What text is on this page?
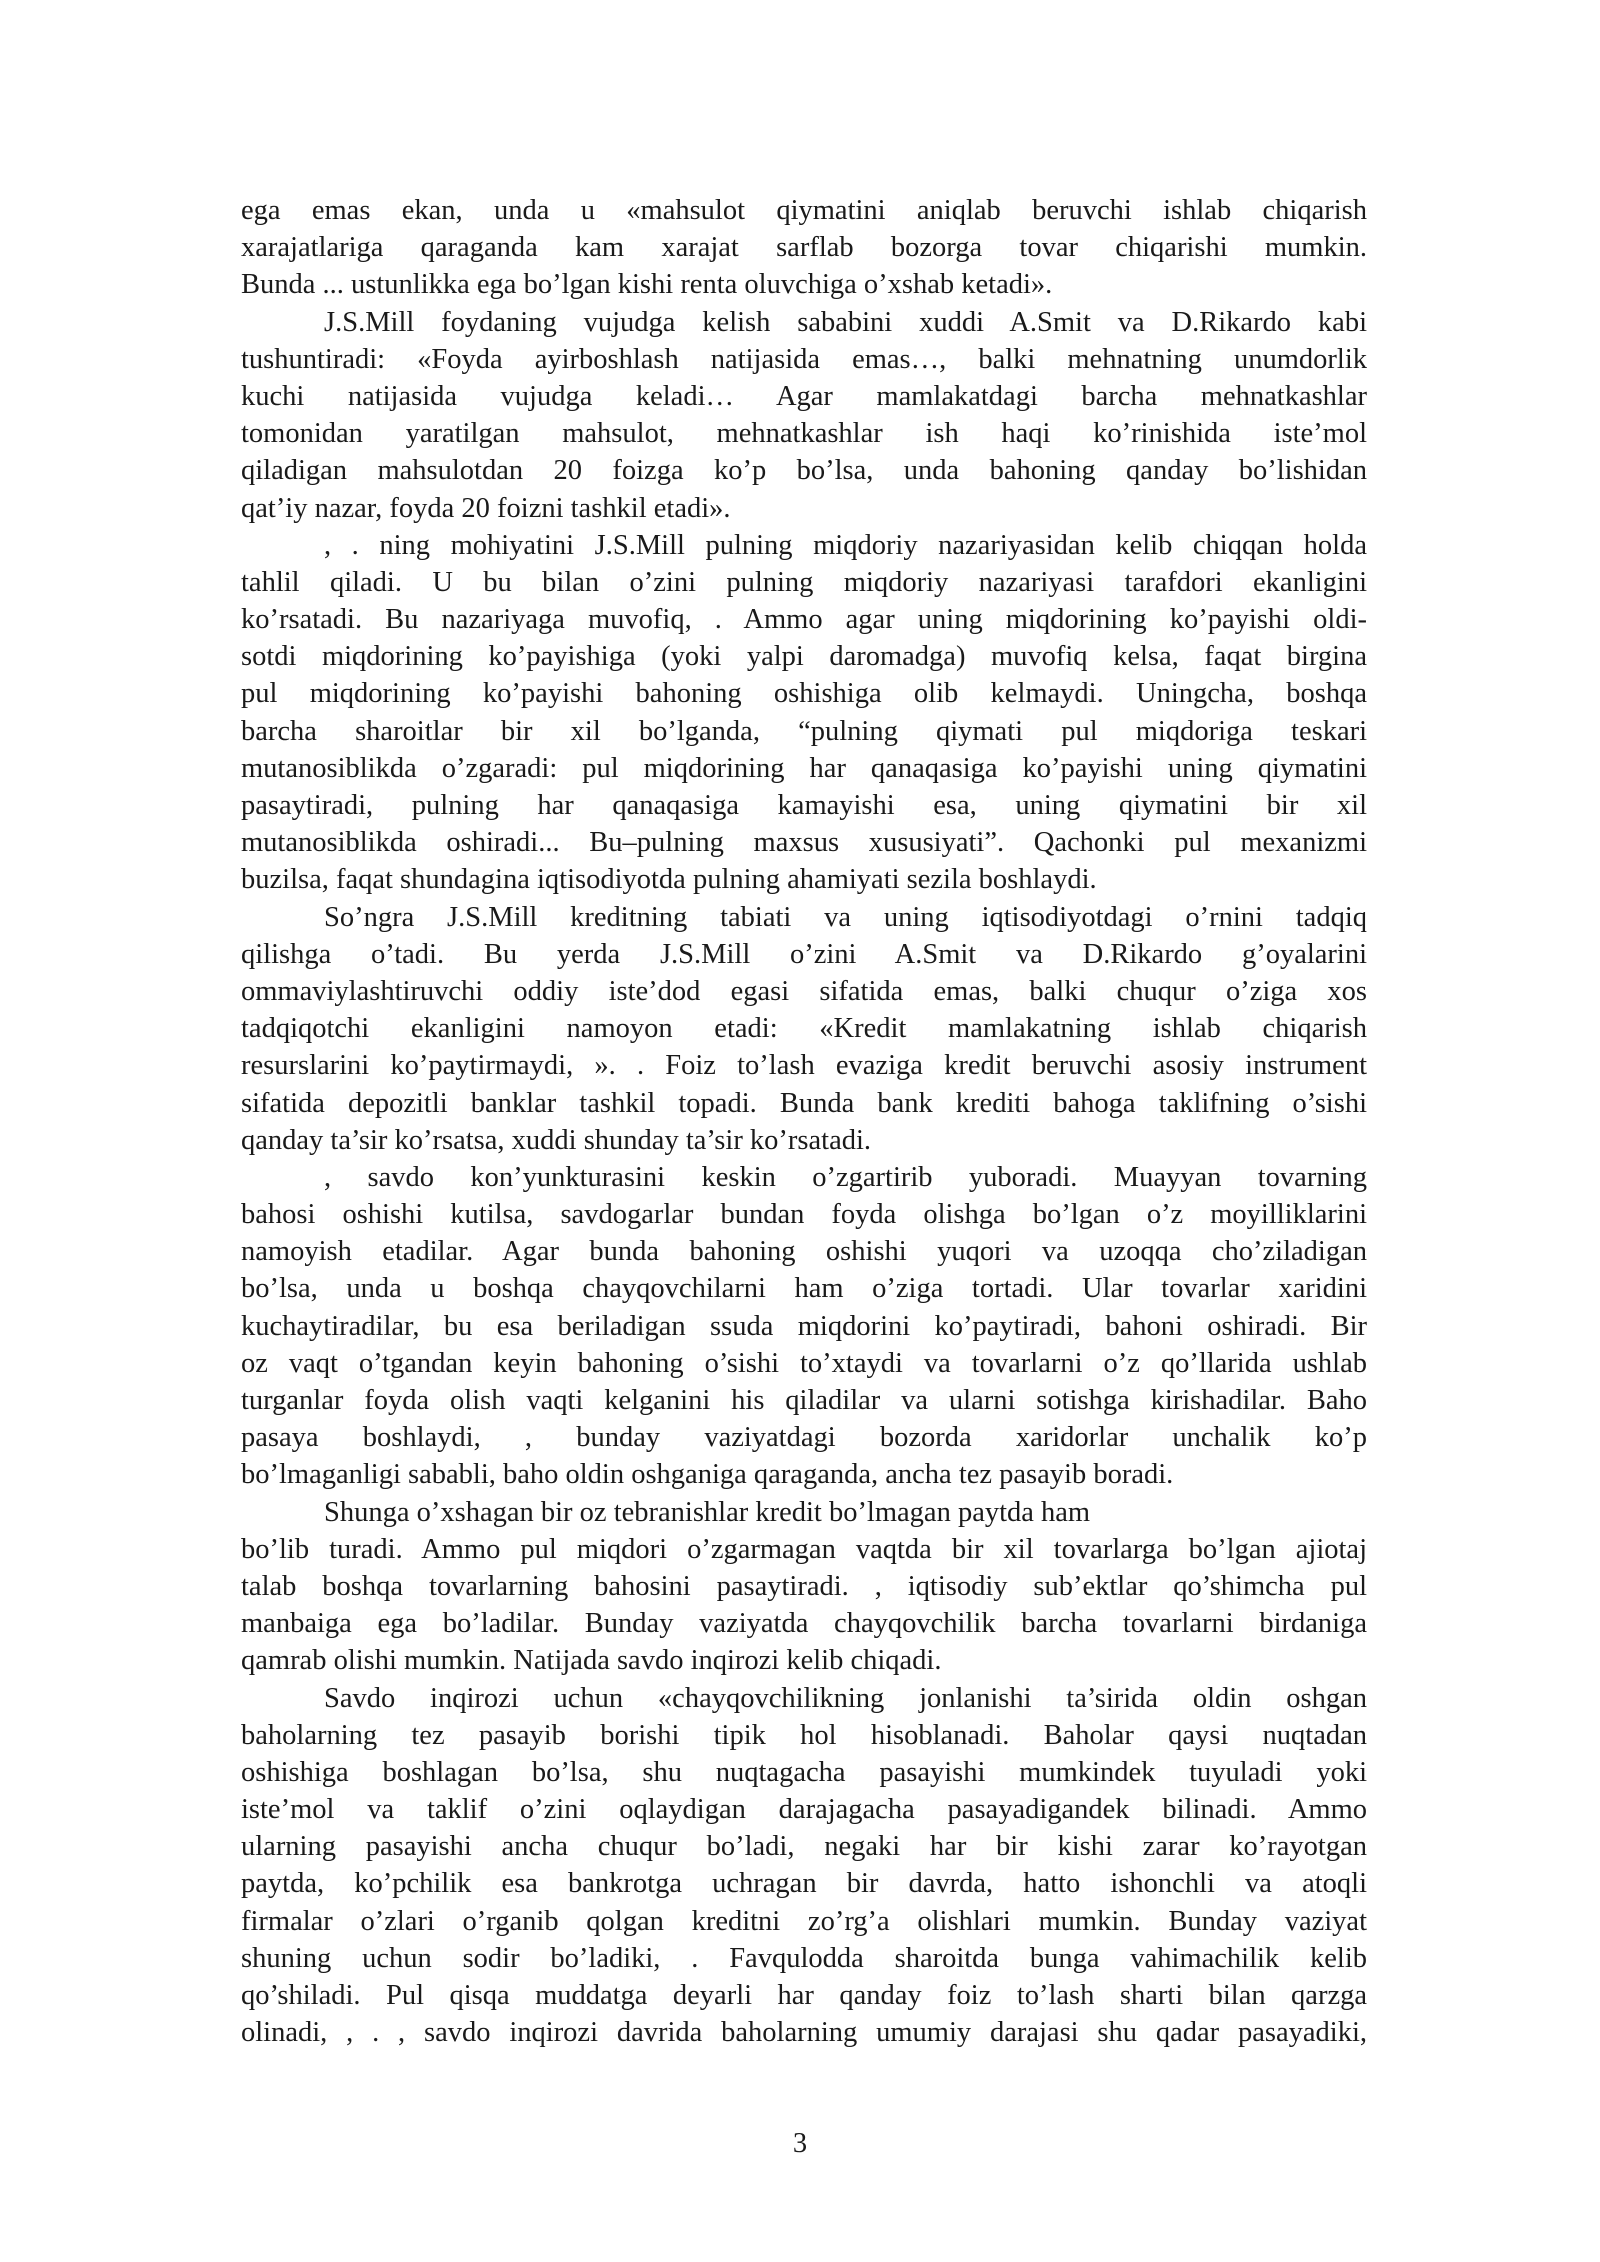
ega emas ekan, unda u «mahsulot qiymatini aniqlab beruvchi ishlab chiqarish
xarajatlariga qaraganda kam xarajat sarflab bozorga tovar chiqarishi mumkin.
Bunda ... ustunlikka ega bo’lgan kishi renta oluvchiga o’xshab ketadi».
J.S.Mill foydaning vujudga kelish sababini xuddi A.Smit va D.Rikardo kabi
tushuntiradi: «Foyda ayirboshlash natijasida emas…, balki mehnatning unumdorlik
kuchi natijasida vujudga keladi… Agar mamlakatdagi barcha mehnatkashlar
tomonidan yaratilgan mahsulot, mehnatkashlar ish haqi ko’rinishida iste’mol
qiladigan mahsulotdan 20 foizga ko’p bo’lsa, unda bahoning qanday bo’lishidan
qat’iy nazar, foyda 20 foizni tashkil etadi».
, . ning mohiyatini J.S.Mill pulning miqdoriy nazariyasidan kelib chiqqan holda
tahlil qiladi. U bu bilan o’zini pulning miqdoriy nazariyasi tarafdori ekanligini
ko’rsatadi. Bu nazariyaga muvofiq, . Ammo agar uning miqdorining ko’payishi oldi-
sotdi miqdorining ko’payishiga (yoki yalpi daromadga) muvofiq kelsa, faqat birgina
pul miqdorining ko’payishi bahoning oshishiga olib kelmaydi. Uningcha, boshqa
barcha sharoitlar bir xil bo’lganda, “pulning qiymati pul miqdoriga teskari
mutanosiblikda o’zgaradi: pul miqdorining har qanaqasiga ko’payishi uning qiymatini
pasaytiradi, pulning har qanaqasiga kamayishi esa, uning qiymatini bir xil
mutanosiblikda oshiradi... Bu–pulning maxsus xususiyati”. Qachonki pul mexanizmi
buzilsa, faqat shundagina iqtisodiyotda pulning ahamiyati sezila boshlaydi.
So’ngra J.S.Mill kreditning tabiati va uning iqtisodiyotdagi o’rnini tadqiq
qilishga o’tadi. Bu yerda J.S.Mill o’zini A.Smit va D.Rikardo g’oyalarini
ommaviylashtiruvchi oddiy iste’dod egasi sifatida emas, balki chuqur o’ziga xos
tadqiqotchi ekanligini namoyon etadi: «Kredit mamlakatning ishlab chiqarish
resurslarini ko’paytirmaydi, ». . Foiz to’lash evaziga kredit beruvchi asosiy instrument
sifatida depozitli banklar tashkil topadi. Bunda bank krediti bahoga taklifning o’sishi
qanday ta’sir ko’rsatsa, xuddi shunday ta’sir ko’rsatadi.
, savdo kon’yunkturasini keskin o’zgartirib yuboradi. Muayyan tovarning
bahosi oshishi kutilsa, savdogarlar bundan foyda olishga bo’lgan o’z moyilliklarini
namoyish etadilar. Agar bunda bahoning oshishi yuqori va uzoqqa cho’ziladigan
bo’lsa, unda u boshqa chayqovchilarni ham o’ziga tortadi. Ular tovarlar xaridini
kuchaytiradilar, bu esa beriladigan ssuda miqdorini ko’paytiradi, bahoni oshiradi. Bir
oz vaqt o’tgandan keyin bahoning o’sishi to’xtaydi va tovarlarni o’z qo’llarida ushlab
turganlar foyda olish vaqti kelganini his qiladilar va ularni sotishga kirishadilar. Baho
pasaya boshlaydi, , bunday vaziyatdagi bozorda xaridorlar unchalik ko’p
bo’lmaganligi sababli, baho oldin oshganiga qaraganda, ancha tez pasayib boradi.
Shunga o’xshagan bir oz tebranishlar kredit bo’lmagan paytda ham
bo’lib turadi. Ammo pul miqdori o’zgarmagan vaqtda bir xil tovarlarga bo’lgan ajiotaj
talab boshqa tovarlarning bahosini pasaytiradi. , iqtisodiy sub’ektlar qo’shimcha pul
manbaiga ega bo’ladilar. Bunday vaziyatda chayqovchilik barcha tovarlarni birdaniga
qamrab olishi mumkin. Natijada savdo inqirozi kelib chiqadi.
Savdo inqirozi uchun «chayqovchilikning jonlanishi ta’sirida oldin oshgan
baholarning tez pasayib borishi tipik hol hisoblanadi. Baholar qaysi nuqtadan
oshishiga boshlagan bo’lsa, shu nuqtagacha pasayishi mumkindek tuyuladi yoki
iste’mol va taklif o’zini oqlaydigan darajagacha pasayadigandek bilinadi. Ammo
ularning pasayishi ancha chuqur bo’ladi, negaki har bir kishi zarar ko’rayotgan
paytda, ko’pchilik esa bankrotga uchragan bir davrda, hatto ishonchli va atoqli
firmalar o’zlari o’rganib qolgan kreditni zo’rg’a olishlari mumkin. Bunday vaziyat
shuning uchun sodir bo’ladiki, . Favqulodda sharoitda bunga vahimachilik kelib
qo’shiladi. Pul qisqa muddatga deyarli har qanday foiz to’lash sharti bilan qarzga
olinadi, , . , savdo inqirozi davrida baholarning umumiy darajasi shu qadar pasayadiki,
3
